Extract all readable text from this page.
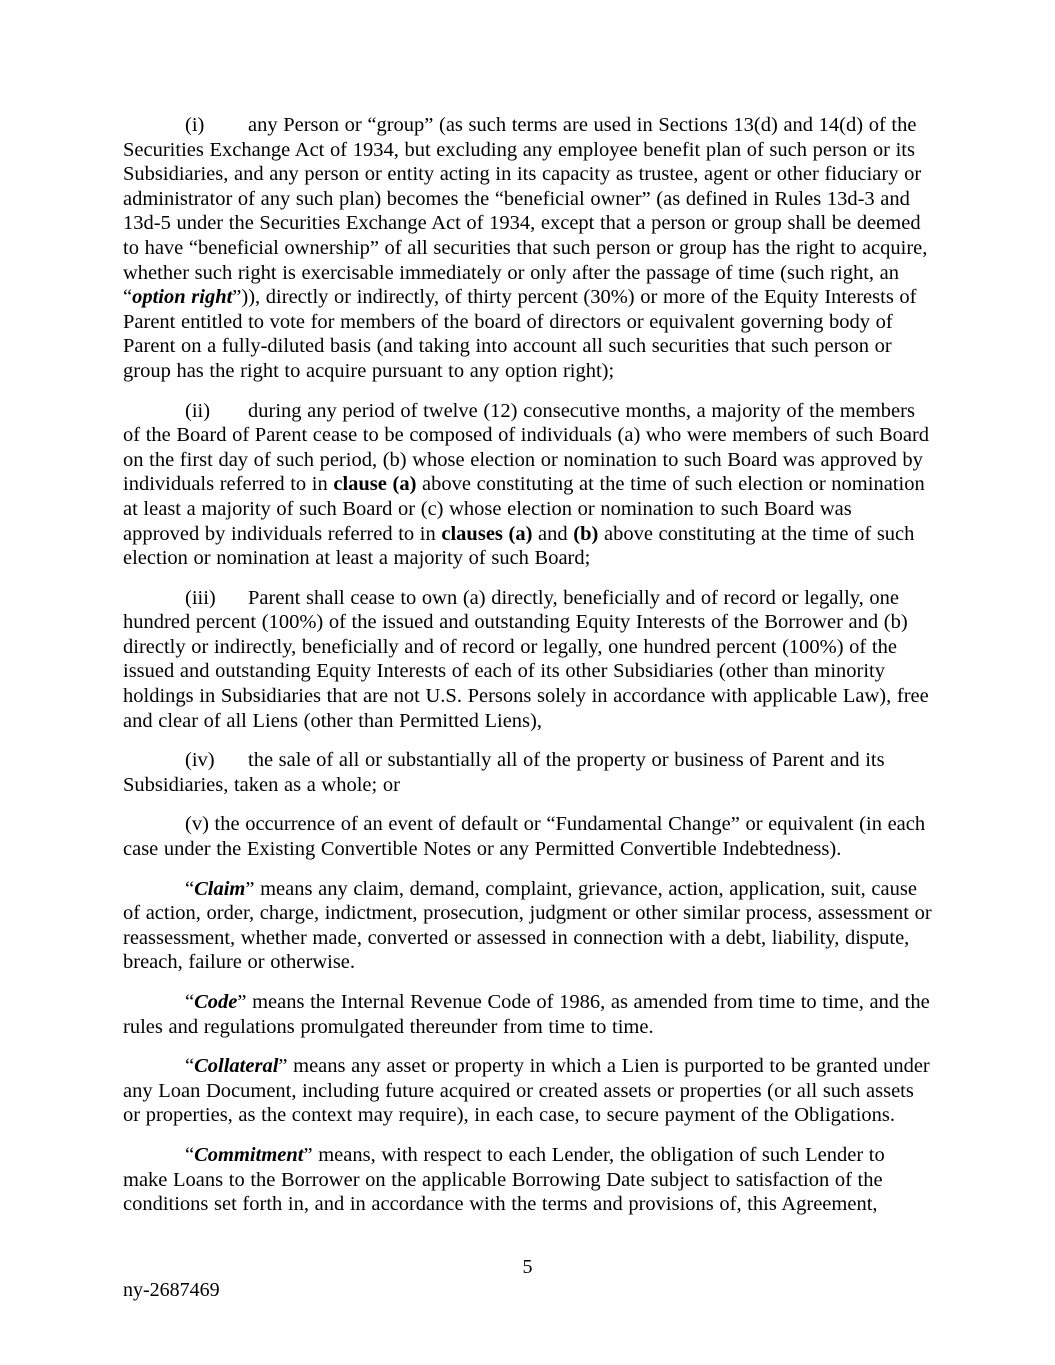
(i) any Person or “group” (as such terms are used in Sections 13(d) and 14(d) of the Securities Exchange Act of 1934, but excluding any employee benefit plan of such person or its Subsidiaries, and any person or entity acting in its capacity as trustee, agent or other fiduciary or administrator of any such plan) becomes the “beneficial owner” (as defined in Rules 13d-3 and 13d-5 under the Securities Exchange Act of 1934, except that a person or group shall be deemed to have “beneficial ownership” of all securities that such person or group has the right to acquire, whether such right is exercisable immediately or only after the passage of time (such right, an “option right”)), directly or indirectly, of thirty percent (30%) or more of the Equity Interests of Parent entitled to vote for members of the board of directors or equivalent governing body of Parent on a fully-diluted basis (and taking into account all such securities that such person or group has the right to acquire pursuant to any option right);

(ii) during any period of twelve (12) consecutive months, a majority of the members of the Board of Parent cease to be composed of individuals (a) who were members of such Board on the first day of such period, (b) whose election or nomination to such Board was approved by individuals referred to in clause (a) above constituting at the time of such election or nomination at least a majority of such Board or (c) whose election or nomination to such Board was approved by individuals referred to in clauses (a) and (b) above constituting at the time of such election or nomination at least a majority of such Board;

(iii) Parent shall cease to own (a) directly, beneficially and of record or legally, one hundred percent (100%) of the issued and outstanding Equity Interests of the Borrower and (b) directly or indirectly, beneficially and of record or legally, one hundred percent (100%) of the issued and outstanding Equity Interests of each of its other Subsidiaries (other than minority holdings in Subsidiaries that are not U.S. Persons solely in accordance with applicable Law), free and clear of all Liens (other than Permitted Liens),

(iv) the sale of all or substantially all of the property or business of Parent and its Subsidiaries, taken as a whole; or

(v) the occurrence of an event of default or “Fundamental Change” or equivalent (in each case under the Existing Convertible Notes or any Permitted Convertible Indebtedness).

“Claim” means any claim, demand, complaint, grievance, action, application, suit, cause of action, order, charge, indictment, prosecution, judgment or other similar process, assessment or reassessment, whether made, converted or assessed in connection with a debt, liability, dispute, breach, failure or otherwise.

“Code” means the Internal Revenue Code of 1986, as amended from time to time, and the rules and regulations promulgated thereunder from time to time.

“Collateral” means any asset or property in which a Lien is purported to be granted under any Loan Document, including future acquired or created assets or properties (or all such assets or properties, as the context may require), in each case, to secure payment of the Obligations.

“Commitment” means, with respect to each Lender, the obligation of such Lender to make Loans to the Borrower on the applicable Borrowing Date subject to satisfaction of the conditions set forth in, and in accordance with the terms and provisions of, this Agreement,

5
ny-2687469
